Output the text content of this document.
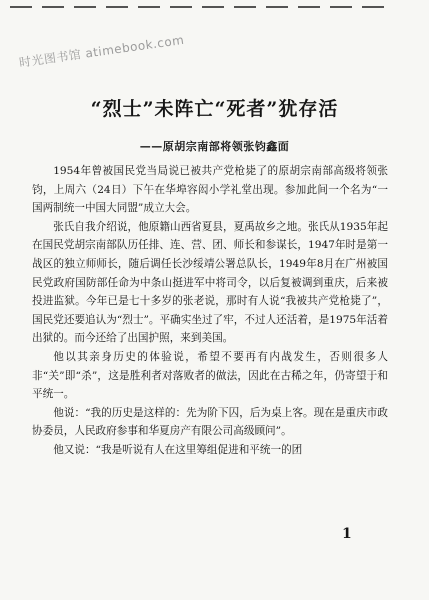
时光图书馆 atimebook.com
“烈士”未阵亡“死者”犹存活
——原胡宗南部将领张钧鑫面

1954年曾被国民党当局说已被共产党枪毙了的原胡宗南部高级将领张钧，上周六（24日）下午在华埠容闳小学礼堂出现。参加此间一个名为“一国两制统一中国大同盟”成立大会。

张氏自我介绍说，他原籍山西省夏县，夏禹故乡之地。张氏从1935年起在国民党胡宗南部队历任排、连、营、团、师长和参谋长，1947年时是第一战区的独立师师长，随后调任长沙绥靖公署总队长，1949年8月在广州被国民党政府国防部任命为中条山挺进军中将司令，以后复被调到重庆，后来被投进监狱。今年已是七十多岁的张老说，那时有人说“我被共产党枪毙了”，国民党还要追认为“烈士”。平确实坐过了牢，不过人还活着，是1975年活着出狱的。而今还给了出国护照，来到美国。

他以其亲身历史的体验说，希望不要再有内战发生，否则很多人非“关”即“杀”，这是胜利者对落败者的做法，因此在古稀之年，仍寄望于和平统一。

他说：“我的历史是这样的：先为阶下囚，后为桌上客。现在是重庆市政协委员，人民政府参事和华夏房产有限公司高级顾问”。

他又说：“我是听说有人在这里筹组促进和平统一的团

1
